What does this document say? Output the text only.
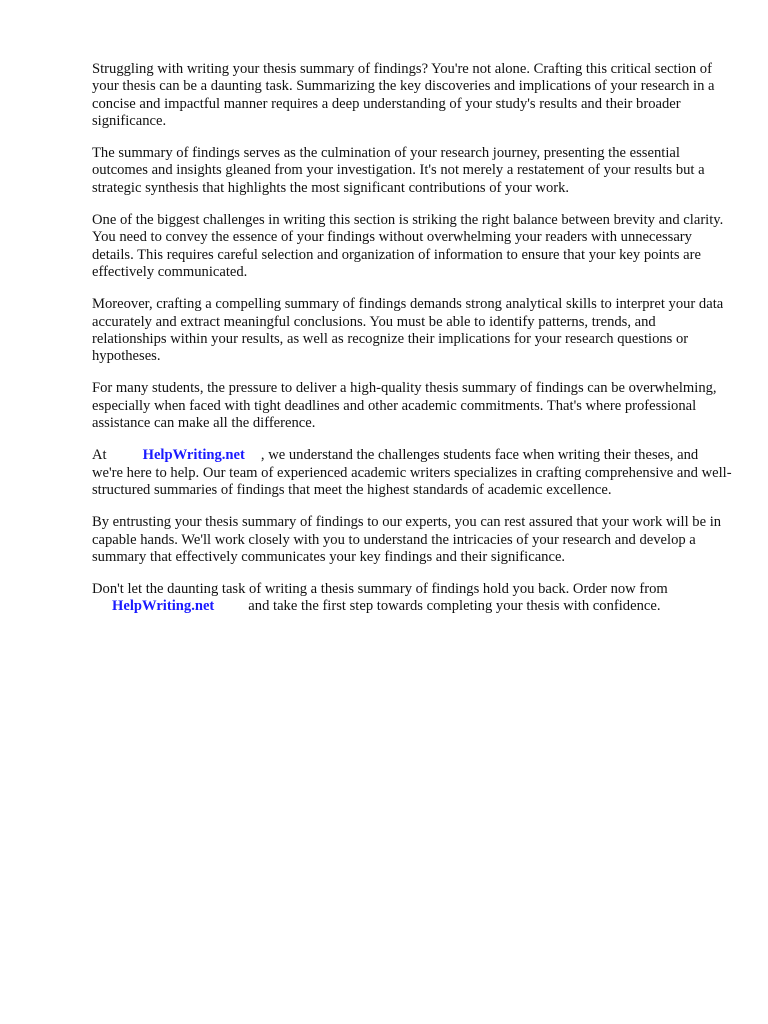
Struggling with writing your thesis summary of findings? You're not alone. Crafting this critical section of your thesis can be a daunting task. Summarizing the key discoveries and implications of your research in a concise and impactful manner requires a deep understanding of your study's results and their broader significance.

The summary of findings serves as the culmination of your research journey, presenting the essential outcomes and insights gleaned from your investigation. It's not merely a restatement of your results but a strategic synthesis that highlights the most significant contributions of your work.

One of the biggest challenges in writing this section is striking the right balance between brevity and clarity. You need to convey the essence of your findings without overwhelming your readers with unnecessary details. This requires careful selection and organization of information to ensure that your key points are effectively communicated.

Moreover, crafting a compelling summary of findings demands strong analytical skills to interpret your data accurately and extract meaningful conclusions. You must be able to identify patterns, trends, and relationships within your results, as well as recognize their implications for your research questions or hypotheses.

For many students, the pressure to deliver a high-quality thesis summary of findings can be overwhelming, especially when faced with tight deadlines and other academic commitments. That's where professional assistance can make all the difference.

At HelpWriting.net , we understand the challenges students face when writing their theses, and we're here to help. Our team of experienced academic writers specializes in crafting comprehensive and well-structured summaries of findings that meet the highest standards of academic excellence.

By entrusting your thesis summary of findings to our experts, you can rest assured that your work will be in capable hands. We'll work closely with you to understand the intricacies of your research and develop a summary that effectively communicates your key findings and their significance.

Don't let the daunting task of writing a thesis summary of findings hold you back. Order now from
HelpWriting.net and take the first step towards completing your thesis with confidence.
